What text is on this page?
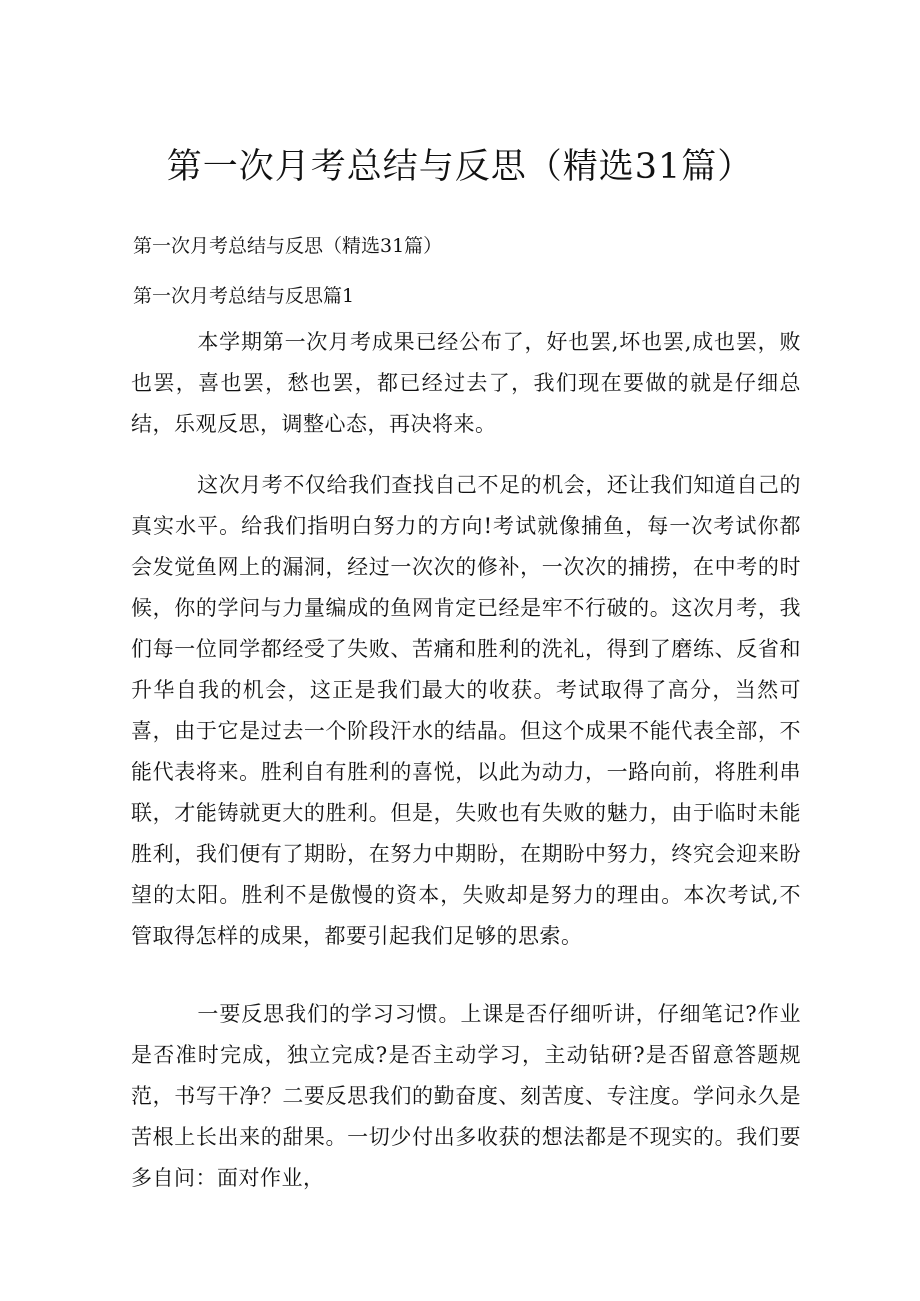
第一次月考总结与反思（精选31篇）

第一次月考总结与反思（精选31篇）

第一次月考总结与反思篇1

本学期第一次月考成果已经公布了，好也罢,坏也罢,成也罢，败也罢，喜也罢，愁也罢，都已经过去了，我们现在要做的就是仔细总结，乐观反思，调整心态，再决将来。

这次月考不仅给我们查找自己不足的机会，还让我们知道自己的真实水平。给我们指明白努力的方向!考试就像捕鱼，每一次考试你都会发觉鱼网上的漏洞，经过一次次的修补，一次次的捕捞，在中考的时候，你的学问与力量编成的鱼网肯定已经是牢不行破的。这次月考，我们每一位同学都经受了失败、苦痛和胜利的洗礼，得到了磨练、反省和升华自我的机会，这正是我们最大的收获。考试取得了高分，当然可喜，由于它是过去一个阶段汗水的结晶。但这个成果不能代表全部，不能代表将来。胜利自有胜利的喜悦，以此为动力，一路向前，将胜利串联，才能铸就更大的胜利。但是，失败也有失败的魅力，由于临时未能胜利，我们便有了期盼，在努力中期盼，在期盼中努力，终究会迎来盼望的太阳。胜利不是傲慢的资本，失败却是努力的理由。本次考试,不管取得怎样的成果，都要引起我们足够的思索。

一要反思我们的学习习惯。上课是否仔细听讲，仔细笔记?作业是否准时完成，独立完成?是否主动学习，主动钻研?是否留意答题规范，书写干净？二要反思我们的勤奋度、刻苦度、专注度。学问永久是苦根上长出来的甜果。一切少付出多收获的想法都是不现实的。我们要多自问：面对作业，
